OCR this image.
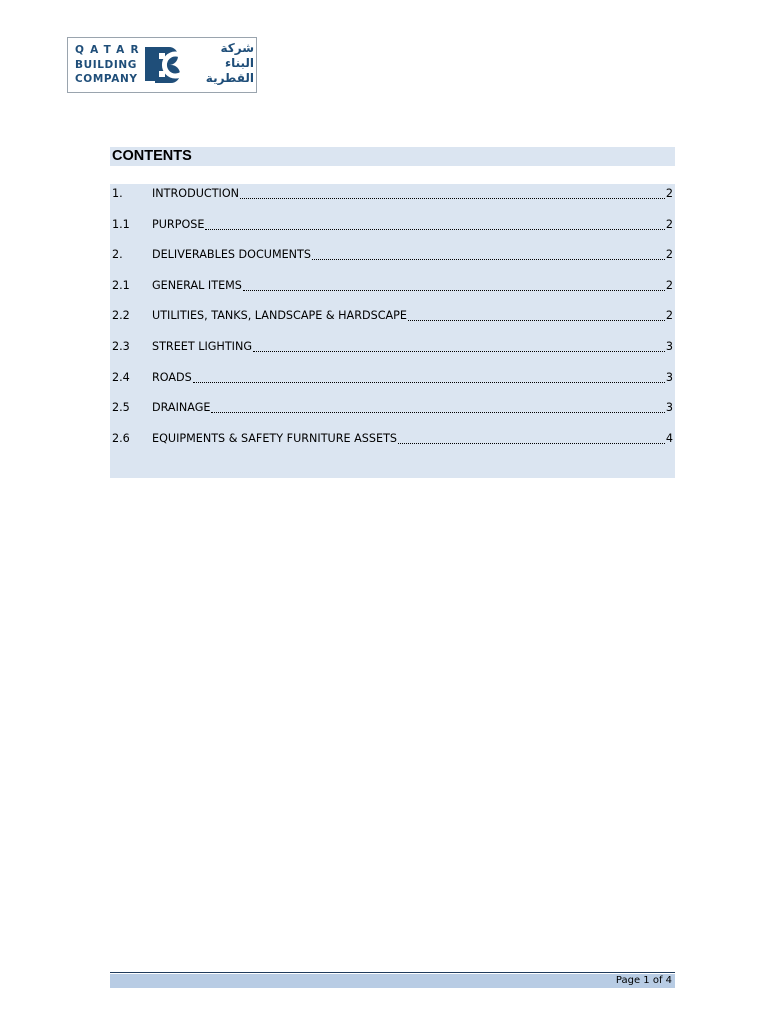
QATAR
BUILDING
COMPANY
شركة
البناء
القطرية
CONTENTS
1.	INTRODUCTION	2
1.1 PURPOSE	2
2.	DELIVERABLES DOCUMENTS	2
2.1 GENERAL ITEMS	2
2.2 UTILITIES, TANKS, LANDSCAPE & HARDSCAPE	2
2.3 STREET LIGHTING	3
2.4 ROADS	3
2.5 DRAINAGE	3
2.6 EQUIPMENTS & SAFETY FURNITURE ASSETS	4
Page 1 of 4
